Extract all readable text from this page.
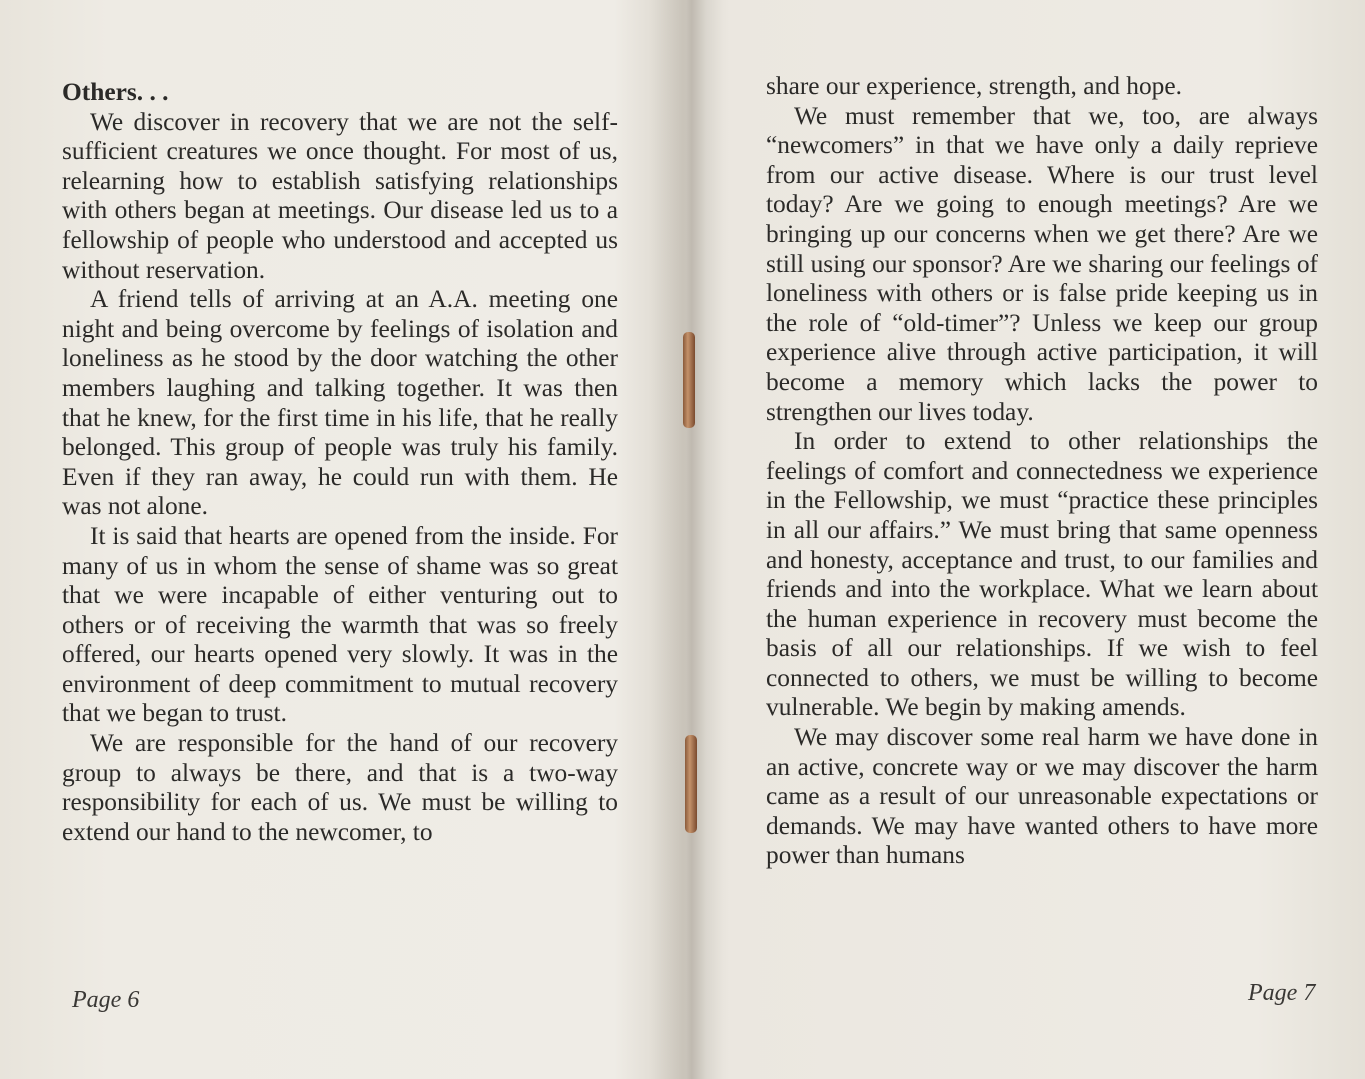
Others. . .

We discover in recovery that we are not the self-sufficient creatures we once thought. For most of us, relearning how to establish satisfying relationships with others began at meetings. Our disease led us to a fellowship of people who understood and accepted us without reservation.

A friend tells of arriving at an A.A. meeting one night and being overcome by feelings of isolation and loneliness as he stood by the door watching the other members laughing and talking together. It was then that he knew, for the first time in his life, that he really belonged. This group of people was truly his family. Even if they ran away, he could run with them. He was not alone.

It is said that hearts are opened from the inside. For many of us in whom the sense of shame was so great that we were incapable of either venturing out to others or of receiving the warmth that was so freely offered, our hearts opened very slowly. It was in the environment of deep commitment to mutual recovery that we began to trust.

We are responsible for the hand of our recovery group to always be there, and that is a two-way responsibility for each of us. We must be willing to extend our hand to the newcomer, to

Page 6

share our experience, strength, and hope.

We must remember that we, too, are always “newcomers” in that we have only a daily reprieve from our active disease. Where is our trust level today? Are we going to enough meetings? Are we bringing up our concerns when we get there? Are we still using our sponsor? Are we sharing our feelings of loneliness with others or is false pride keeping us in the role of “old-timer”? Unless we keep our group experience alive through active participation, it will become a memory which lacks the power to strengthen our lives today.

In order to extend to other relationships the feelings of comfort and connectedness we experience in the Fellowship, we must “practice these principles in all our affairs.” We must bring that same openness and honesty, acceptance and trust, to our families and friends and into the workplace. What we learn about the human experience in recovery must become the basis of all our relationships. If we wish to feel connected to others, we must be willing to become vulnerable. We begin by making amends.

We may discover some real harm we have done in an active, concrete way or we may discover the harm came as a result of our unreasonable expectations or demands. We may have wanted others to have more power than humans

Page 7
